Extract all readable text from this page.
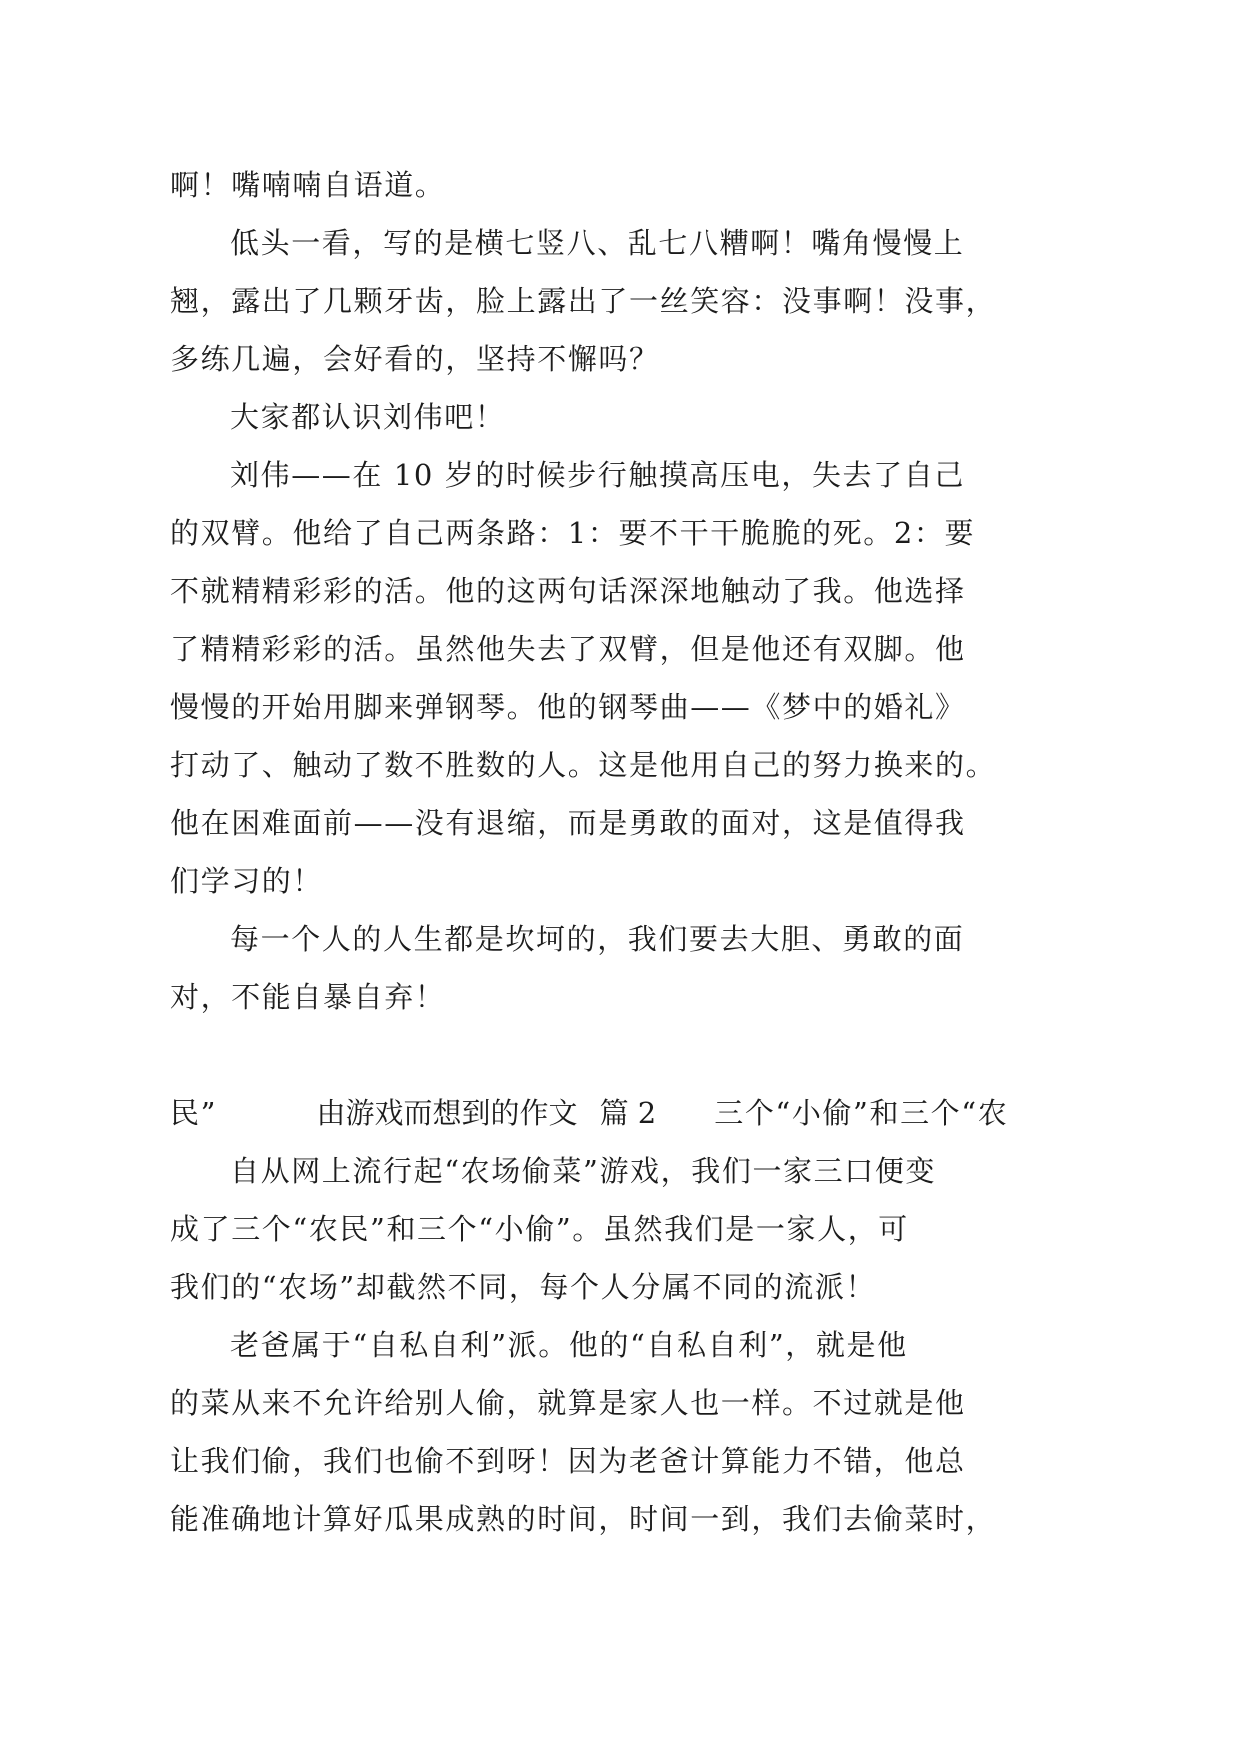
啊！嘴喃喃自语道。
低头一看，写的是横七竖八、乱七八糟啊！嘴角慢慢上
翘，露出了几颗牙齿，脸上露出了一丝笑容：没事啊！没事，
多练几遍，会好看的，坚持不懈吗？
大家都认识刘伟吧！
刘伟——在 10 岁的时候步行触摸高压电，失去了自己
的双臂。他给了自己两条路：1：要不干干脆脆的死。2：要
不就精精彩彩的活。他的这两句话深深地触动了我。他选择
了精精彩彩的活。虽然他失去了双臂，但是他还有双脚。他
慢慢的开始用脚来弹钢琴。他的钢琴曲——《梦中的婚礼》
打动了、触动了数不胜数的人。这是他用自己的努力换来的。
他在困难面前——没有退缩，而是勇敢的面对，这是值得我
们学习的！
每一个人的人生都是坎坷的，我们要去大胆、勇敢的面
对，不能自暴自弃！

由游戏而想到的作文 篇 2 三个“小偷”和三个“农

民”
自从网上流行起“农场偷菜”游戏，我们一家三口便变
成了三个“农民”和三个“小偷”。虽然我们是一家人，可
我们的“农场”却截然不同，每个人分属不同的流派！
老爸属于“自私自利”派。他的“自私自利”，就是他
的菜从来不允许给别人偷，就算是家人也一样。不过就是他
让我们偷，我们也偷不到呀！因为老爸计算能力不错，他总
能准确地计算好瓜果成熟的时间，时间一到，我们去偷菜时，
